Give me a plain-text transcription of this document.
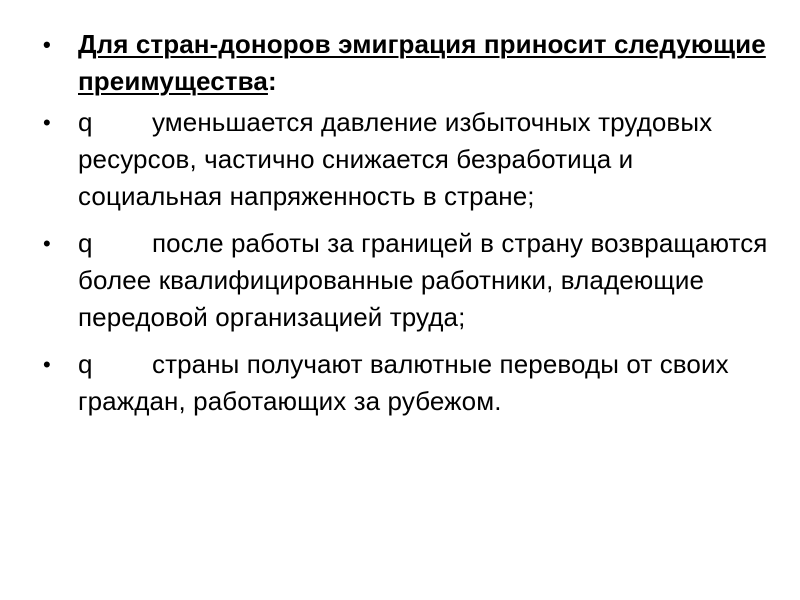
• Для стран-доноров эмиграция приносит следующие преимущества:
• q уменьшается давление избыточных трудовых ресурсов, частично снижается безработица и социальная напряженность в стране;
• q после работы за границей в страну возвращаются более квалифицированные работники, владеющие передовой организацией труда;
• q страны получают валютные переводы от своих граждан, работающих за рубежом.
